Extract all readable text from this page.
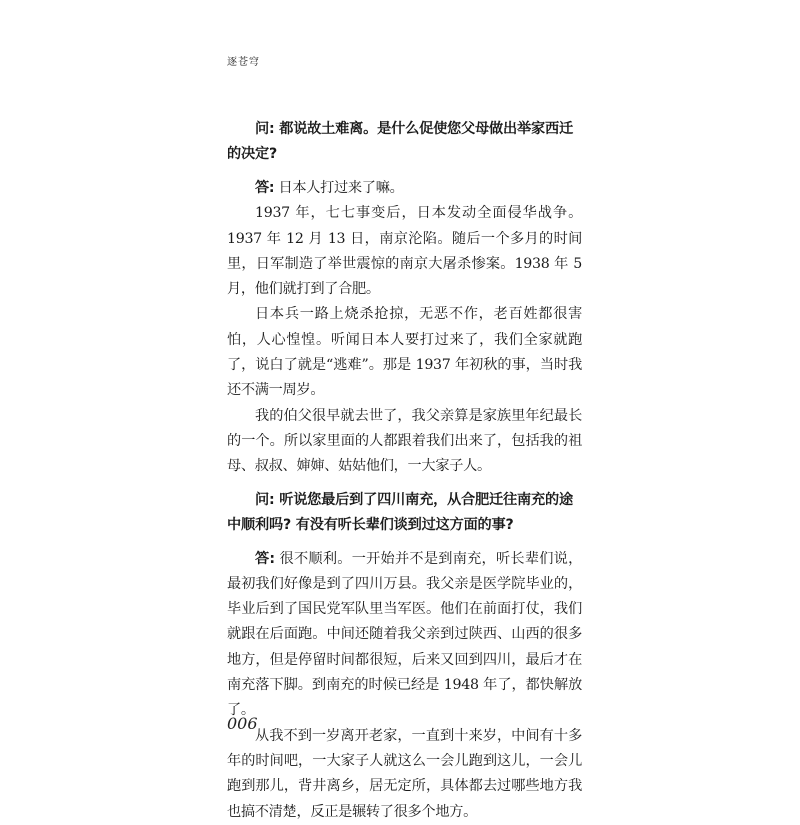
逐苍穹

问: 都说故土难离。是什么促使您父母做出举家西迁的决定?

答: 日本人打过来了嘛。

1937 年，七七事变后，日本发动全面侵华战争。1937 年 12 月 13 日，南京沦陷。随后一个多月的时间里，日军制造了举世震惊的南京大屠杀惨案。1938 年 5 月，他们就打到了合肥。

日本兵一路上烧杀抢掠，无恶不作，老百姓都很害怕，人心惶惶。听闻日本人要打过来了，我们全家就跑了，说白了就是“逃难”。那是 1937 年初秋的事，当时我还不满一周岁。

我的伯父很早就去世了，我父亲算是家族里年纪最长的一个。所以家里面的人都跟着我们出来了，包括我的祖母、叔叔、婶婶、姑姑他们，一大家子人。

问: 听说您最后到了四川南充，从合肥迁往南充的途中顺利吗? 有没有听长辈们谈到过这方面的事?

答: 很不顺利。一开始并不是到南充，听长辈们说，最初我们好像是到了四川万县。我父亲是医学院毕业的，毕业后到了国民党军队里当军医。他们在前面打仗，我们就跟在后面跑。中间还随着我父亲到过陕西、山西的很多地方，但是停留时间都很短，后来又回到四川，最后才在南充落下脚。到南充的时候已经是 1948 年了，都快解放了。

从我不到一岁离开老家，一直到十来岁，中间有十多年的时间吧，一大家子人就这么一会儿跑到这儿，一会儿跑到那儿，背井离乡，居无定所，具体都去过哪些地方我也搞不清楚，反正是辗转了很多个地方。

006
